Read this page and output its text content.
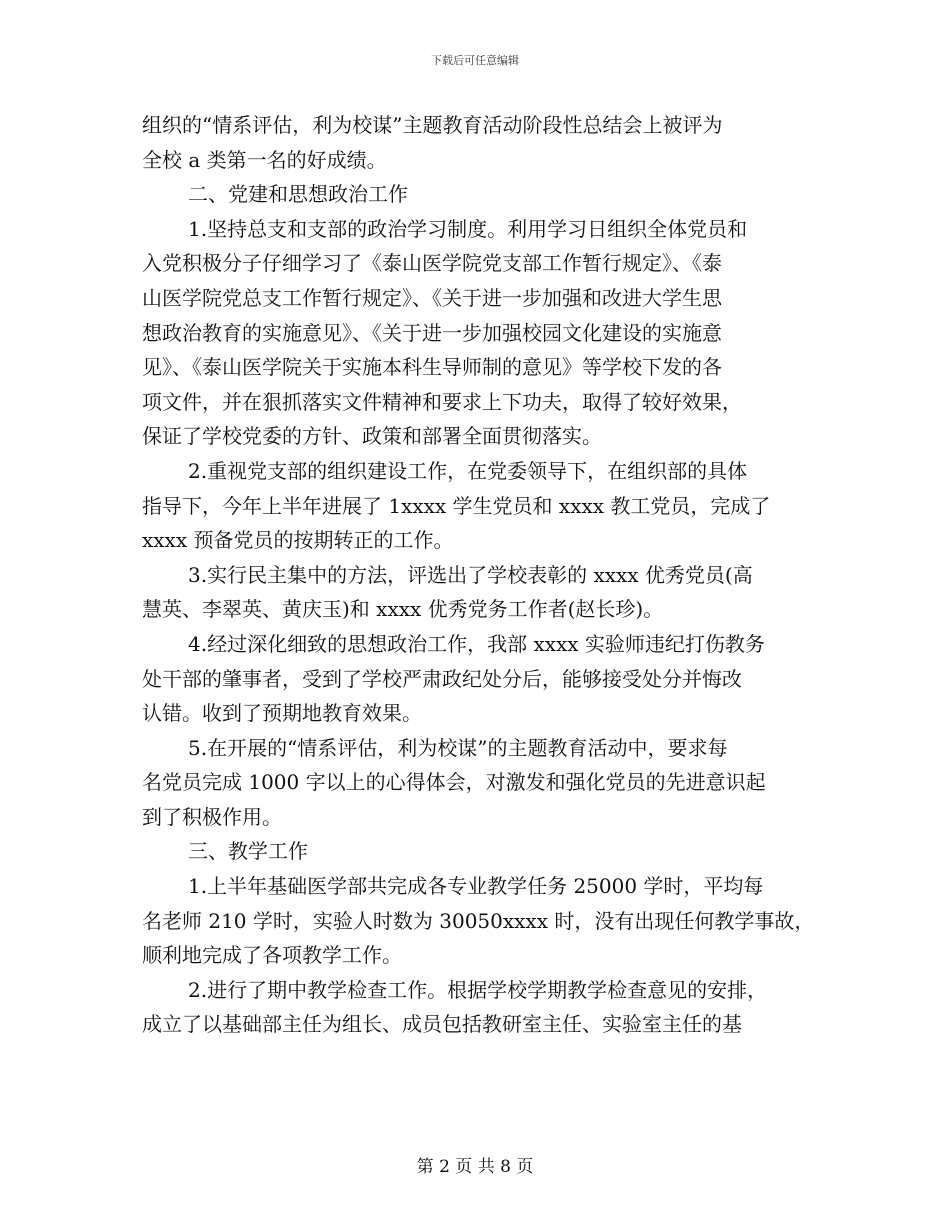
下载后可任意编辑
组织的“情系评估，利为校谋”主题教育活动阶段性总结会上被评为
全校 a 类第一名的好成绩。
二、党建和思想政治工作
1.坚持总支和支部的政治学习制度。利用学习日组织全体党员和
入党积极分子仔细学习了《泰山医学院党支部工作暂行规定》、《泰
山医学院党总支工作暂行规定》、《关于进一步加强和改进大学生思
想政治教育的实施意见》、《关于进一步加强校园文化建设的实施意
见》、《泰山医学院关于实施本科生导师制的意见》等学校下发的各
项文件，并在狠抓落实文件精神和要求上下功夫，取得了较好效果，
保证了学校党委的方针、政策和部署全面贯彻落实。
2.重视党支部的组织建设工作，在党委领导下，在组织部的具体
指导下，今年上半年进展了 1xxxx 学生党员和 xxxx 教工党员，完成了
xxxx 预备党员的按期转正的工作。
3.实行民主集中的方法，评选出了学校表彰的 xxxx 优秀党员(高
慧英、李翠英、黄庆玉)和 xxxx 优秀党务工作者(赵长珍)。
4.经过深化细致的思想政治工作，我部 xxxx 实验师违纪打伤教务
处干部的肇事者，受到了学校严肃政纪处分后，能够接受处分并悔改
认错。收到了预期地教育效果。
5.在开展的“情系评估，利为校谋”的主题教育活动中，要求每
名党员完成 1000 字以上的心得体会，对激发和强化党员的先进意识起
到了积极作用。
三、教学工作
1.上半年基础医学部共完成各专业教学任务 25000 学时，平均每
名老师 210 学时，实验人时数为 30050xxxx 时，没有出现任何教学事故，
顺利地完成了各项教学工作。
2.进行了期中教学检查工作。根据学校学期教学检查意见的安排，
成立了以基础部主任为组长、成员包括教研室主任、实验室主任的基
第 2 页 共 8 页
